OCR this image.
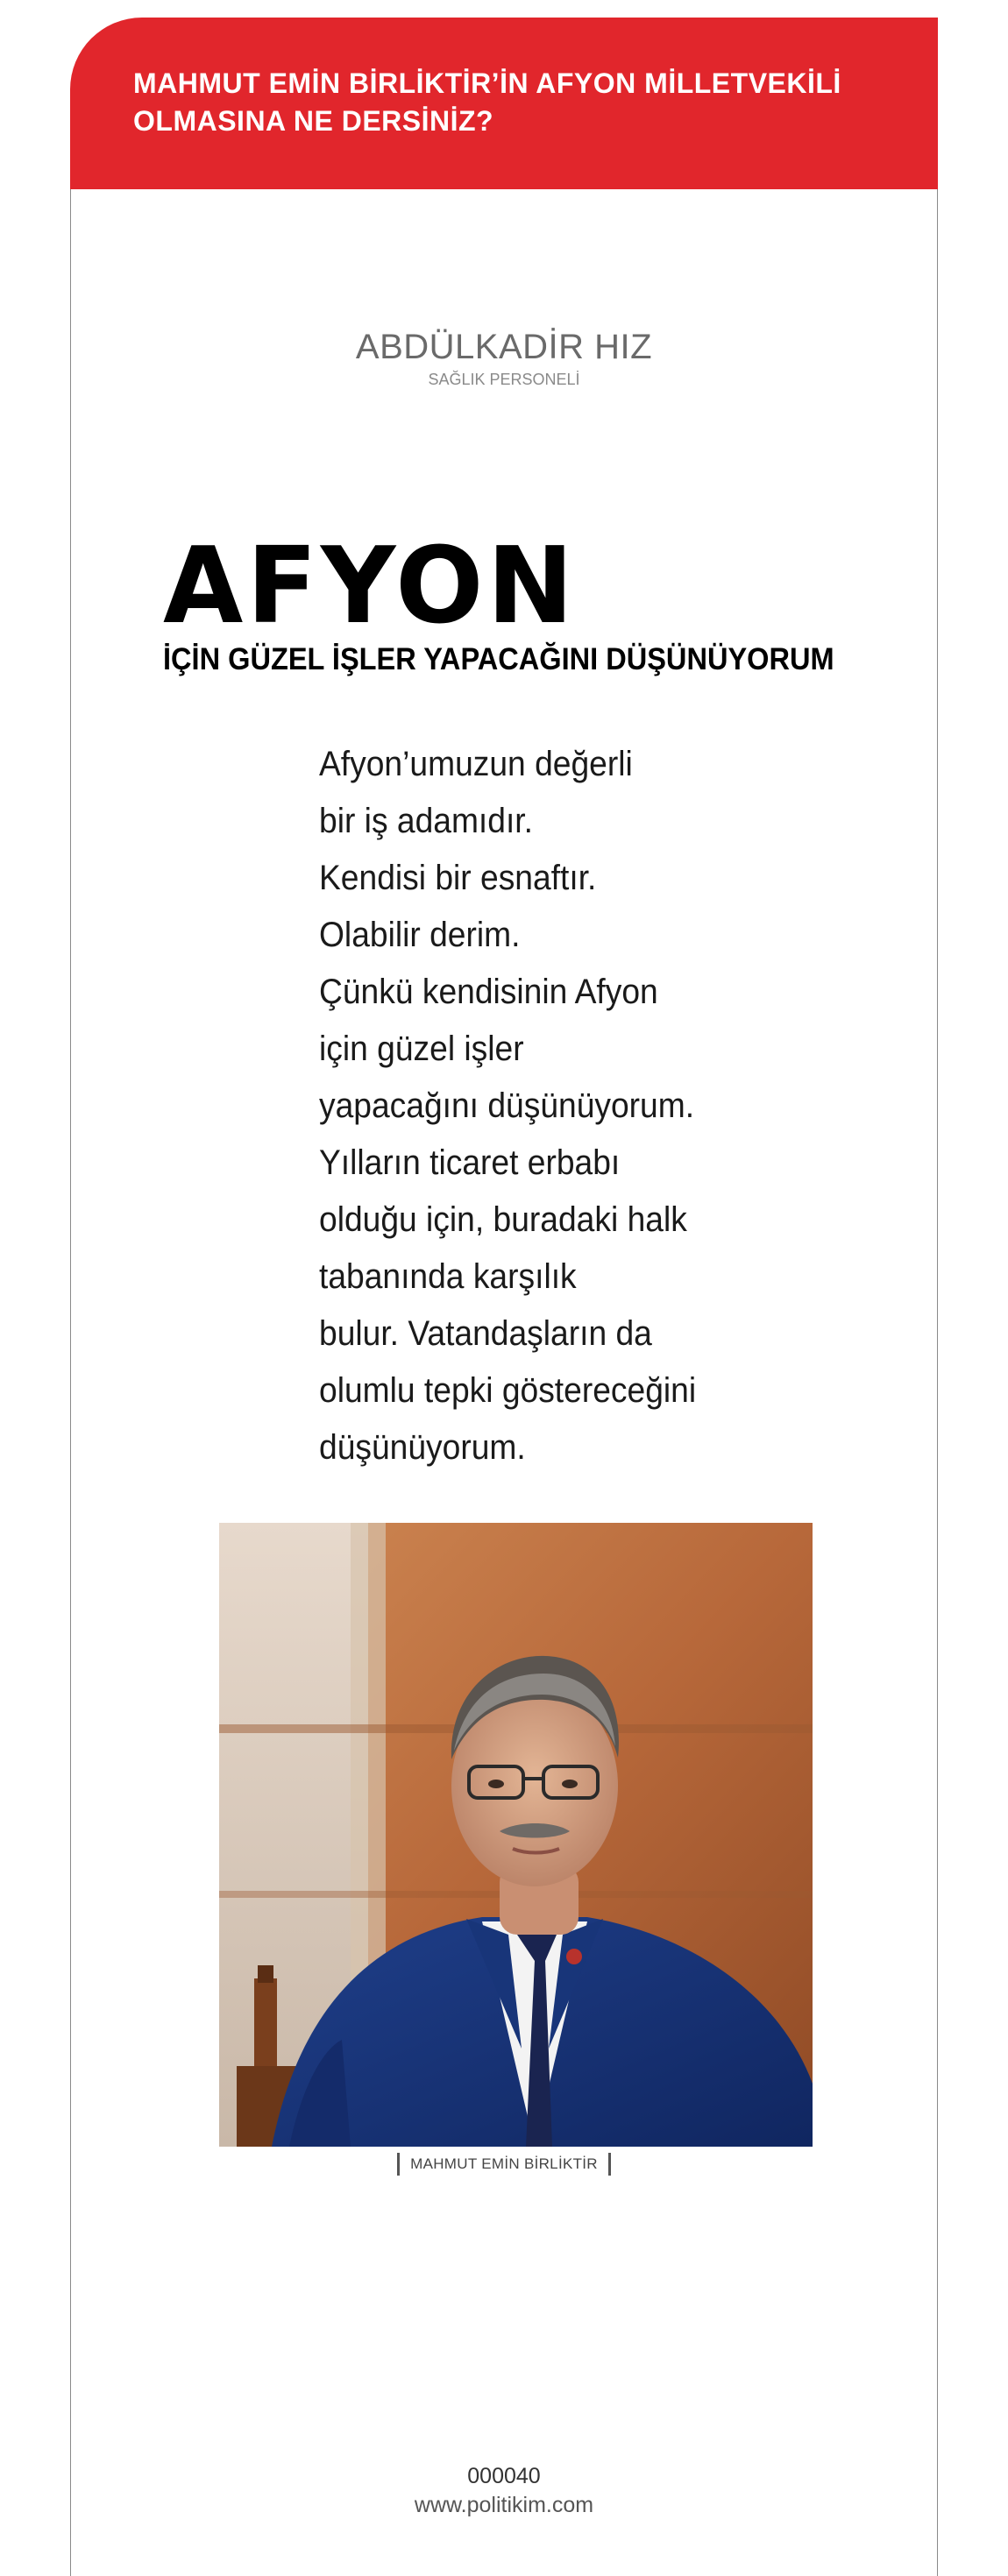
MAHMUT EMİN BİRLİKTİR’İN AFYON MİLLETVEKİLİ
OLMASINA NE DERSİNİZ?
ABDÜLKADİR HIZ
SAĞLIK PERSONELİ
AFYON
İÇİN GÜZEL İŞLER YAPACAĞINI DÜŞÜNÜYORUM
Afyon’umuzun değerli
bir iş adamıdır.
Kendisi bir esnaftır.
Olabilir derim.
Çünkü kendisinin Afyon
için güzel işler
yapacağını düşünüyorum.
Yılların ticaret erbabı
olduğu için, buradaki halk
tabanında karşılık
bulur. Vatandaşların da
olumlu tepki göstereceğini
düşünüyorum.
MAHMUT EMİN BİRLİKTİR
000040
www.politikim.com
